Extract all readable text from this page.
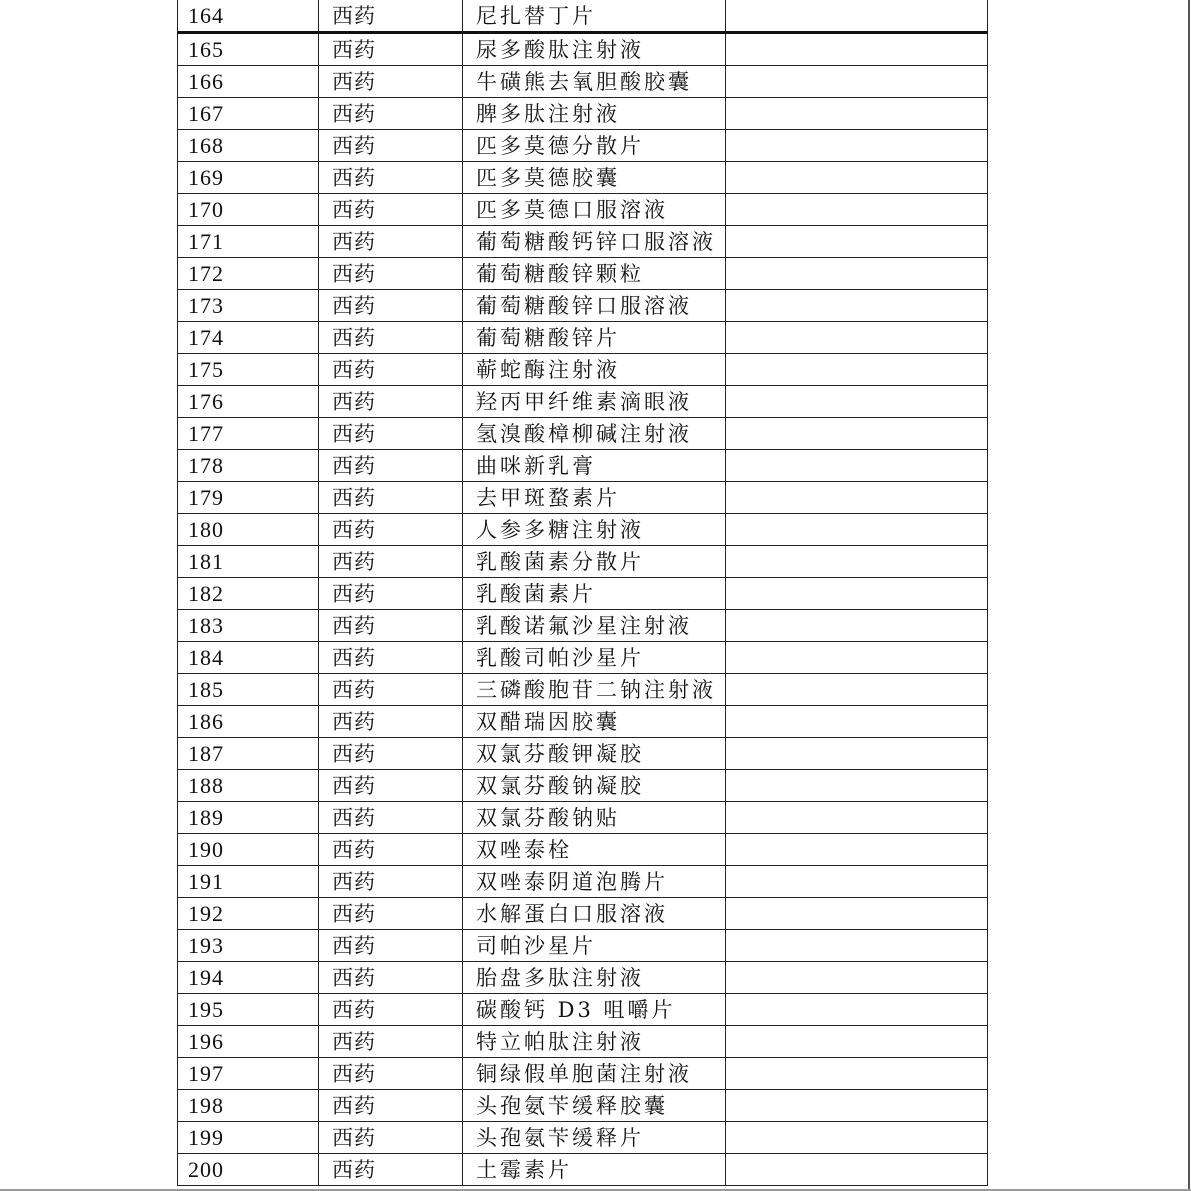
164	西药	尼扎替丁片	
165	西药	尿多酸肽注射液	
166	西药	牛磺熊去氧胆酸胶囊	
167	西药	脾多肽注射液	
168	西药	匹多莫德分散片	
169	西药	匹多莫德胶囊	
170	西药	匹多莫德口服溶液	
171	西药	葡萄糖酸钙锌口服溶液	
172	西药	葡萄糖酸锌颗粒	
173	西药	葡萄糖酸锌口服溶液	
174	西药	葡萄糖酸锌片	
175	西药	蕲蛇酶注射液	
176	西药	羟丙甲纤维素滴眼液	
177	西药	氢溴酸樟柳碱注射液	
178	西药	曲咪新乳膏	
179	西药	去甲斑蝥素片	
180	西药	人参多糖注射液	
181	西药	乳酸菌素分散片	
182	西药	乳酸菌素片	
183	西药	乳酸诺氟沙星注射液	
184	西药	乳酸司帕沙星片	
185	西药	三磷酸胞苷二钠注射液	
186	西药	双醋瑞因胶囊	
187	西药	双氯芬酸钾凝胶	
188	西药	双氯芬酸钠凝胶	
189	西药	双氯芬酸钠贴	
190	西药	双唑泰栓	
191	西药	双唑泰阴道泡腾片	
192	西药	水解蛋白口服溶液	
193	西药	司帕沙星片	
194	西药	胎盘多肽注射液	
195	西药	碳酸钙 D3 咀嚼片	
196	西药	特立帕肽注射液	
197	西药	铜绿假单胞菌注射液	
198	西药	头孢氨苄缓释胶囊	
199	西药	头孢氨苄缓释片	
200	西药	土霉素片	
